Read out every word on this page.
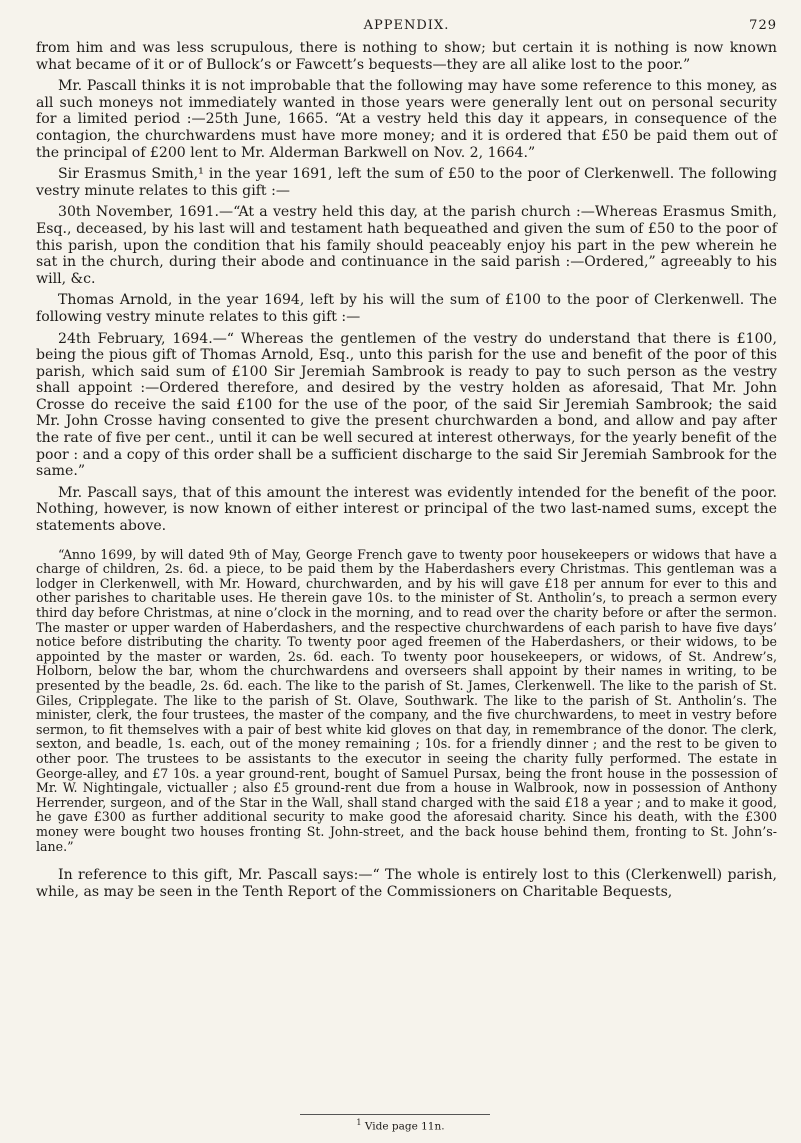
APPENDIX.	729

from him and was less scrupulous, there is nothing to show; but certain it is nothing is now known what became of it or of Bullock’s or Fawcett’s bequests—they are all alike lost to the poor.”

Mr. Pascall thinks it is not improbable that the following may have some reference to this money, as all such moneys not immediately wanted in those years were generally lent out on personal security for a limited period :—25th June, 1665. “At a vestry held this day it appears, in consequence of the contagion, the churchwardens must have more money; and it is ordered that £50 be paid them out of the principal of £200 lent to Mr. Alderman Barkwell on Nov. 2, 1664.”

Sir Erasmus Smith,¹ in the year 1691, left the sum of £50 to the poor of Clerkenwell. The following vestry minute relates to this gift :—

30th November, 1691.—“At a vestry held this day, at the parish church :—Whereas Erasmus Smith, Esq., deceased, by his last will and testament hath bequeathed and given the sum of £50 to the poor of this parish, upon the condition that his family should peaceably enjoy his part in the pew wherein he sat in the church, during their abode and continuance in the said parish :—Ordered,” agreeably to his will, &c.

Thomas Arnold, in the year 1694, left by his will the sum of £100 to the poor of Clerkenwell. The following vestry minute relates to this gift :—

24th February, 1694.—“ Whereas the gentlemen of the vestry do understand that there is £100, being the pious gift of Thomas Arnold, Esq., unto this parish for the use and benefit of the poor of this parish, which said sum of £100 Sir Jeremiah Sambrook is ready to pay to such person as the vestry shall appoint :—Ordered therefore, and desired by the vestry holden as aforesaid, That Mr. John Crosse do receive the said £100 for the use of the poor, of the said Sir Jeremiah Sambrook; the said Mr. John Crosse having consented to give the present churchwarden a bond, and allow and pay after the rate of five per cent., until it can be well secured at interest otherways, for the yearly benefit of the poor : and a copy of this order shall be a sufficient discharge to the said Sir Jeremiah Sambrook for the same.”

Mr. Pascall says, that of this amount the interest was evidently intended for the benefit of the poor. Nothing, however, is now known of either interest or principal of the two last-named sums, except the statements above.

“Anno 1699, by will dated 9th of May, George French gave to twenty poor housekeepers or widows that have a charge of children, 2s. 6d. a piece, to be paid them by the Haberdashers every Christmas. This gentleman was a lodger in Clerkenwell, with Mr. Howard, churchwarden, and by his will gave £18 per annum for ever to this and other parishes to charitable uses. He therein gave 10s. to the minister of St. Antholin’s, to preach a sermon every third day before Christmas, at nine o’clock in the morning, and to read over the charity before or after the sermon. The master or upper warden of Haberdashers, and the respective churchwardens of each parish to have five days’ notice before distributing the charity. To twenty poor aged freemen of the Haberdashers, or their widows, to be appointed by the master or warden, 2s. 6d. each. To twenty poor housekeepers, or widows, of St. Andrew’s, Holborn, below the bar, whom the churchwardens and overseers shall appoint by their names in writing, to be presented by the beadle, 2s. 6d. each. The like to the parish of St. James, Clerkenwell. The like to the parish of St. Giles, Cripplegate. The like to the parish of St. Olave, Southwark. The like to the parish of St. Antholin’s. The minister, clerk, the four trustees, the master of the company, and the five churchwardens, to meet in vestry before sermon, to fit themselves with a pair of best white kid gloves on that day, in remembrance of the donor. The clerk, sexton, and beadle, 1s. each, out of the money remaining ; 10s. for a friendly dinner ; and the rest to be given to other poor. The trustees to be assistants to the executor in seeing the charity fully performed. The estate in George-alley, and £7 10s. a year ground-rent, bought of Samuel Pursax, being the front house in the possession of Mr. W. Nightingale, victualler ; also £5 ground-rent due from a house in Walbrook, now in possession of Anthony Herrender, surgeon, and of the Star in the Wall, shall stand charged with the said £18 a year ; and to make it good, he gave £300 as further additional security to make good the aforesaid charity. Since his death, with the £300 money were bought two houses fronting St. John-street, and the back house behind them, fronting to St. John’s-lane.”

In reference to this gift, Mr. Pascall says:—“ The whole is entirely lost to this (Clerkenwell) parish, while, as may be seen in the Tenth Report of the Commissioners on Charitable Bequests,

$^1$ Vide page 11n.
